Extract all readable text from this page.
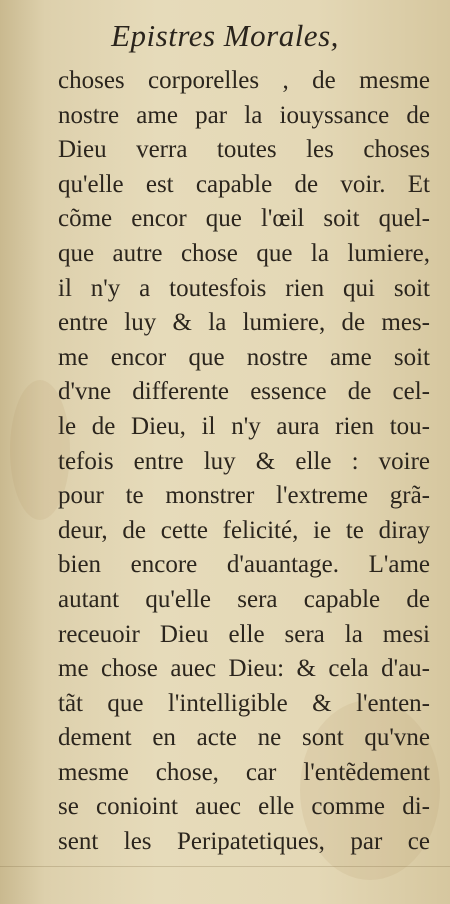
Epistres Morales,
choses corporelles , de mesme
nostre ame par la iouyssance de
Dieu verra toutes les choses
qu'elle est capable de voir. Et
cõme encor que l'œil soit quel-
que autre chose que la lumiere,
il n'y a toutesfois rien qui soit
entre luy & la lumiere, de mes-
me encor que nostre ame soit
d'vne differente essence de cel-
le de Dieu, il n'y aura rien tou-
tefois entre luy & elle : voire
pour te monstrer l'extreme grã-
deur, de cette felicité, ie te diray
bien encore d'auantage. L'ame
autant qu'elle sera capable de
receuoir Dieu elle sera la mesi
me chose auec Dieu: & cela d'au-
tãt que l'intelligible & l'enten-
dement en acte ne sont qu'vne
mesme chose, car l'entẽdement
se conioint auec elle comme di-
sent les Peripatetiques, par ce
